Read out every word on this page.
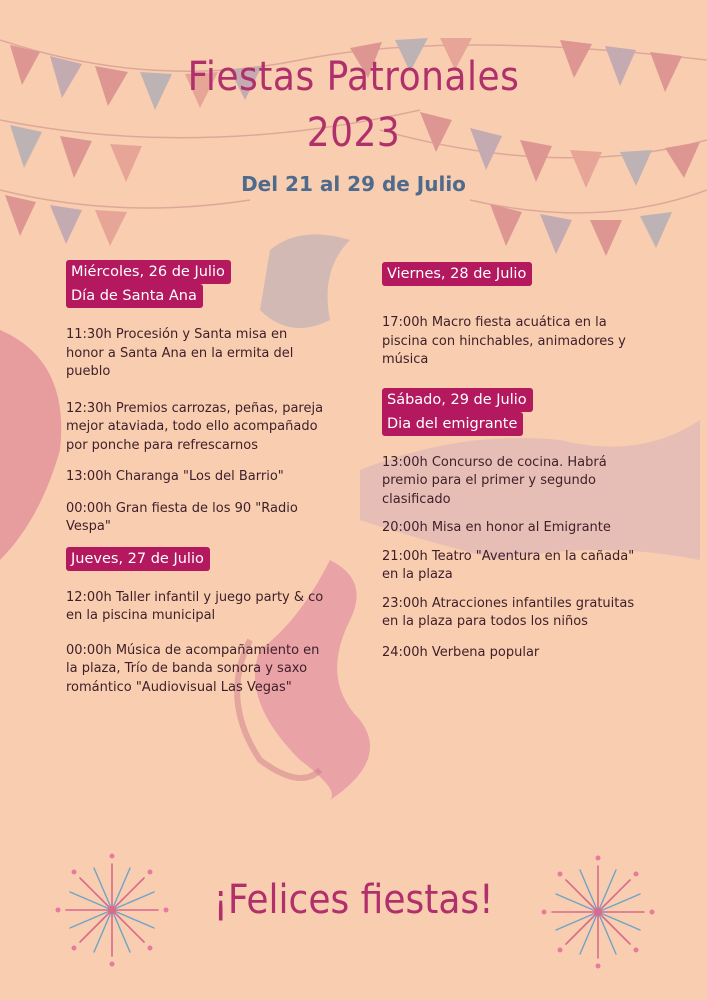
Fiestas Patronales
2023
Del 21 al 29 de Julio
Miércoles, 26 de Julio
Día de Santa Ana

11:30h Procesión y Santa misa en honor a Santa Ana en la ermita del pueblo

12:30h Premios carrozas, peñas, pareja mejor ataviada, todo ello acompañado por ponche para refrescarnos

13:00h Charanga "Los del Barrio"

00:00h Gran fiesta de los 90 "Radio Vespa"

Jueves, 27 de Julio

12:00h Taller infantil y juego party & co en la piscina municipal

00:00h Música de acompañamiento en la plaza, Trío de banda sonora y saxo romántico "Audiovisual Las Vegas"

Viernes, 28 de Julio

17:00h Macro fiesta acuática en la piscina con hinchables, animadores y música

Sábado, 29 de Julio
Dia del emigrante

13:00h Concurso de cocina. Habrá premio para el primer y segundo clasificado

20:00h Misa en honor al Emigrante

21:00h Teatro "Aventura en la cañada" en la plaza

23:00h Atracciones infantiles gratuitas en la plaza para todos los niños

24:00h Verbena popular

¡Felices fiestas!
